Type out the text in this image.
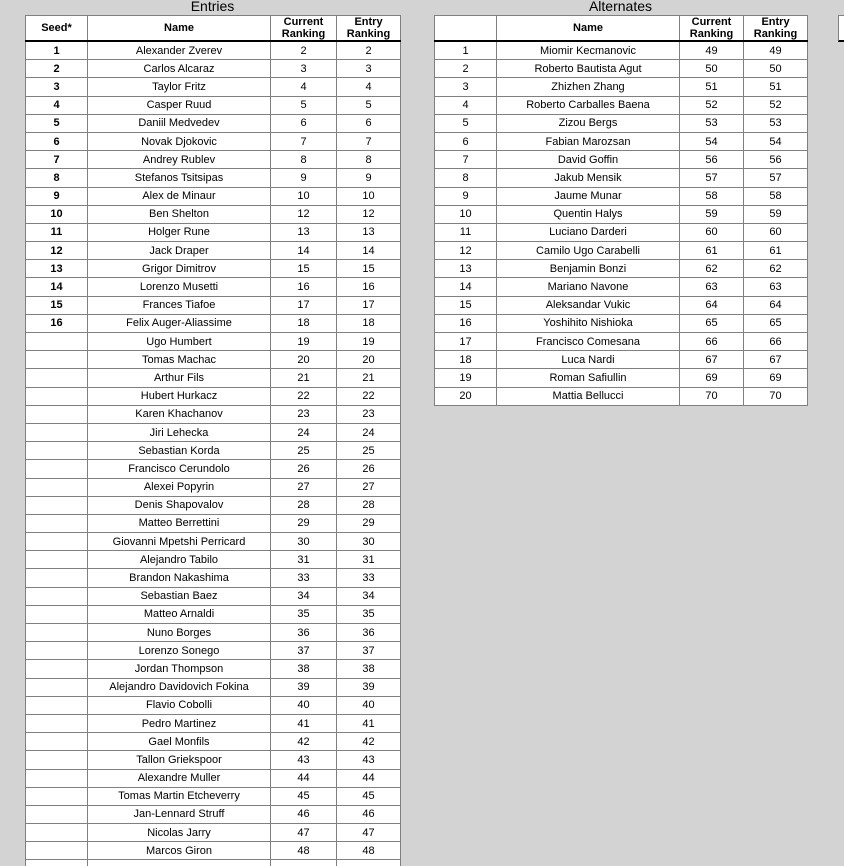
Entries
Seed*	Name	Current Ranking	Entry Ranking
1	Alexander Zverev	2	2
2	Carlos Alcaraz	3	3
3	Taylor Fritz	4	4
4	Casper Ruud	5	5
5	Daniil Medvedev	6	6
6	Novak Djokovic	7	7
7	Andrey Rublev	8	8
8	Stefanos Tsitsipas	9	9
9	Alex de Minaur	10	10
10	Ben Shelton	12	12
11	Holger Rune	13	13
12	Jack Draper	14	14
13	Grigor Dimitrov	15	15
14	Lorenzo Musetti	16	16
15	Frances Tiafoe	17	17
16	Felix Auger-Aliassime	18	18
	Ugo Humbert	19	19
	Tomas Machac	20	20
	Arthur Fils	21	21
	Hubert Hurkacz	22	22
	Karen Khachanov	23	23
	Jiri Lehecka	24	24
	Sebastian Korda	25	25
	Francisco Cerundolo	26	26
	Alexei Popyrin	27	27
	Denis Shapovalov	28	28
	Matteo Berrettini	29	29
	Giovanni Mpetshi Perricard	30	30
	Alejandro Tabilo	31	31
	Brandon Nakashima	33	33
	Sebastian Baez	34	34
	Matteo Arnaldi	35	35
	Nuno Borges	36	36
	Lorenzo Sonego	37	37
	Jordan Thompson	38	38
	Alejandro Davidovich Fokina	39	39
	Flavio Cobolli	40	40
	Pedro Martinez	41	41
	Gael Monfils	42	42
	Tallon Griekspoor	43	43
	Alexandre Muller	44	44
	Tomas Martin Etcheverry	45	45
	Jan-Lennard Struff	46	46
	Nicolas Jarry	47	47
	Marcos Giron	48	48

Alternates
	Name	Current Ranking	Entry Ranking
1	Miomir Kecmanovic	49	49
2	Roberto Bautista Agut	50	50
3	Zhizhen Zhang	51	51
4	Roberto Carballes Baena	52	52
5	Zizou Bergs	53	53
6	Fabian Marozsan	54	54
7	David Goffin	56	56
8	Jakub Mensik	57	57
9	Jaume Munar	58	58
10	Quentin Halys	59	59
11	Luciano Darderi	60	60
12	Camilo Ugo Carabelli	61	61
13	Benjamin Bonzi	62	62
14	Mariano Navone	63	63
15	Aleksandar Vukic	64	64
16	Yoshihito Nishioka	65	65
17	Francisco Comesana	66	66
18	Luca Nardi	67	67
19	Roman Safiullin	69	69
20	Mattia Bellucci	70	70
